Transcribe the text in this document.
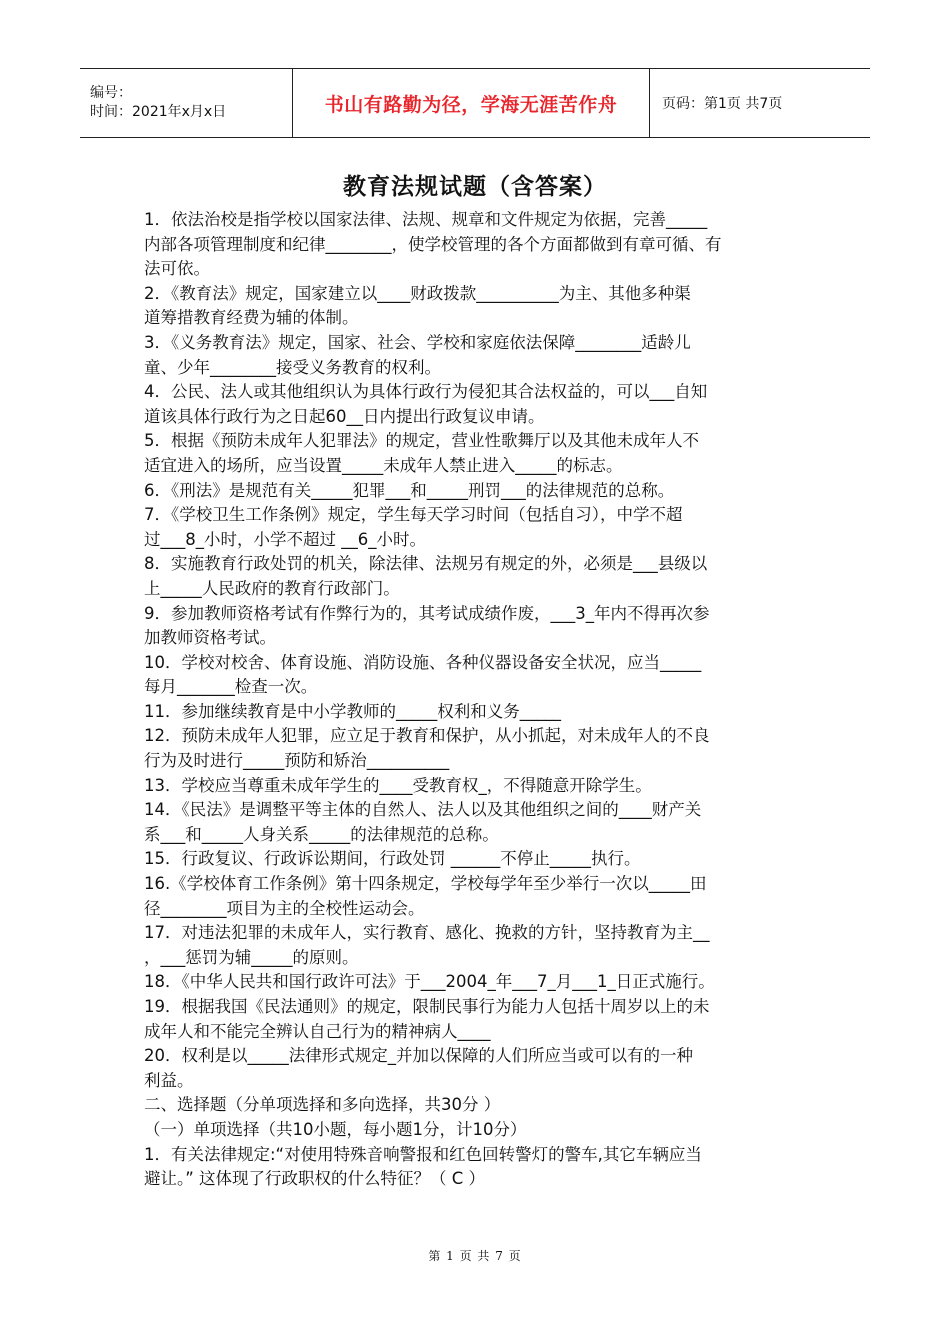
编号：
时间：2021年x月x日	书山有路勤为径，学海无涯苦作舟	页码：第1页 共7页
教育法规试题（含答案）

1．依法治校是指学校以国家法律、法规、规章和文件规定为依据，完善_____

内部各项管理制度和纪律________，使学校管理的各个方面都做到有章可循、有

法可依。

2．《教育法》规定，国家建立以____财政拨款__________为主、其他多种渠

道筹措教育经费为辅的体制。

3．《义务教育法》规定，国家、社会、学校和家庭依法保障________适龄儿

童、少年________接受义务教育的权利。

4．公民、法人或其他组织认为具体行政行为侵犯其合法权益的，可以___自知

道该具体行政行为之日起60__日内提出行政复议申请。

5．根据《预防未成年人犯罪法》的规定，营业性歌舞厅以及其他未成年人不

适宜进入的场所，应当设置_____未成年人禁止进入_____的标志。

6．《刑法》是规范有关_____犯罪___和_____刑罚___的法律规范的总称。

7．《学校卫生工作条例》规定，学生每天学习时间（包括自习），中学不超

过___8_小时，小学不超过 __6_小时。

8．实施教育行政处罚的机关，除法律、法规另有规定的外，必须是___县级以

上_____人民政府的教育行政部门。

9．参加教师资格考试有作弊行为的，其考试成绩作废，___3_年内不得再次参

加教师资格考试。

10．学校对校舍、体育设施、消防设施、各种仪器设备安全状况，应当_____

每月_______检查一次。

11．参加继续教育是中小学教师的_____权利和义务_____

12．预防未成年人犯罪，应立足于教育和保护，从小抓起，对未成年人的不良

行为及时进行_____预防和矫治__________

13．学校应当尊重未成年学生的____受教育权_，不得随意开除学生。

14．《民法》是调整平等主体的自然人、法人以及其他组织之间的____财产关

系___和_____人身关系_____的法律规范的总称。

15．行政复议、行政诉讼期间，行政处罚 ______不停止_____执行。

16.《学校体育工作条例》第十四条规定，学校每学年至少举行一次以_____田

径________项目为主的全校性运动会。

17．对违法犯罪的未成年人，实行教育、感化、挽救的方针，坚持教育为主__

，___惩罚为辅_____的原则。

18．《中华人民共和国行政许可法》于___2004_年___7_月___1_日正式施行。

19．根据我国《民法通则》的规定，限制民事行为能力人包括十周岁以上的未

成年人和不能完全辨认自己行为的精神病人____

20．权利是以_____法律形式规定_并加以保障的人们所应当或可以有的一种

利益。

二、选择题（分单项选择和多向选择，共30分 ）

（一）单项选择（共10小题，每小题1分，计10分）

1．有关法律规定:“对使用特殊音响警报和红色回转警灯的警车,其它车辆应当

避让。” 这体现了行政职权的什么特征？（ C ）

第 1 页 共 7 页
